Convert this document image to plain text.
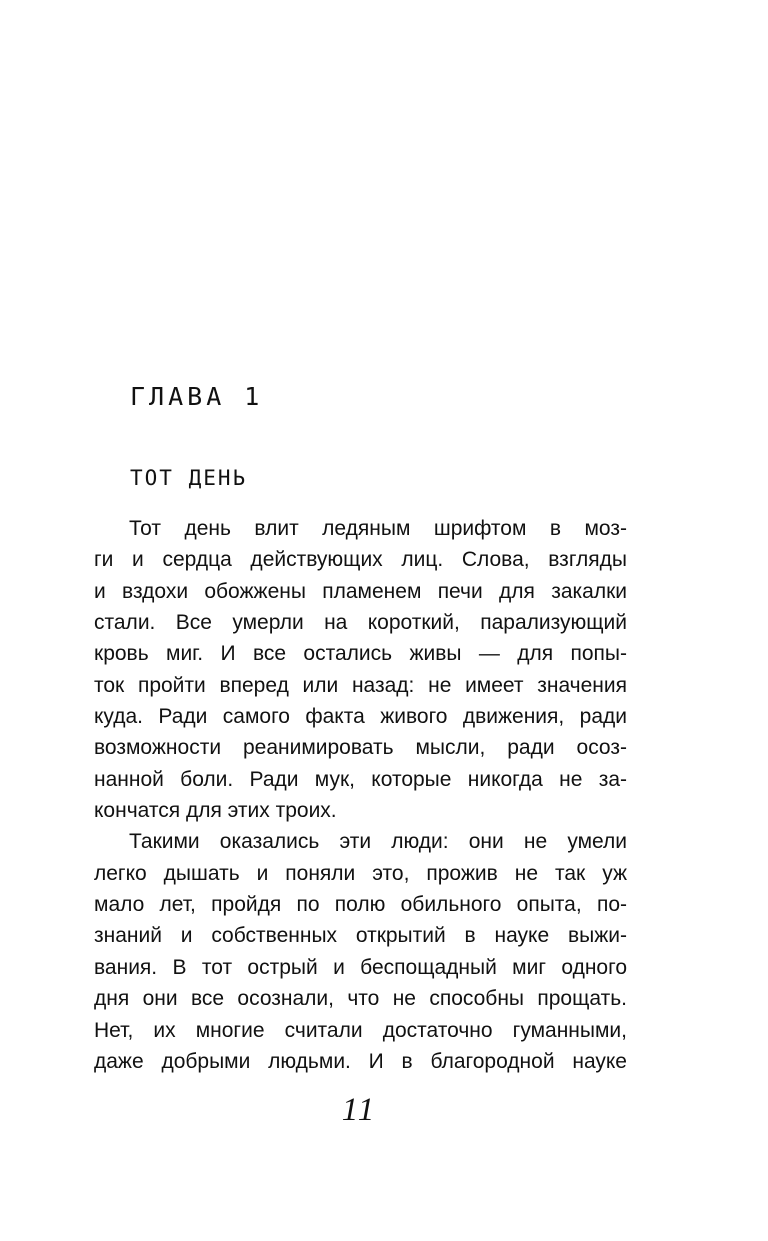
ГЛАВА 1
ТОТ ДЕНЬ
Тот день влит ледяным шрифтом в моз-
ги и сердца действующих лиц. Слова, взгляды
и вздохи обожжены пламенем печи для закалки
стали. Все умерли на короткий, парализующий
кровь миг. И все остались живы — для попы-
ток пройти вперед или назад: не имеет значения
куда. Ради самого факта живого движения, ради
возможности реанимировать мысли, ради осоз-
нанной боли. Ради мук, которые никогда не за-
кончатся для этих троих.
Такими оказались эти люди: они не умели
легко дышать и поняли это, прожив не так уж
мало лет, пройдя по полю обильного опыта, по-
знаний и собственных открытий в науке выжи-
вания. В тот острый и беспощадный миг одного
дня они все осознали, что не способны прощать.
Нет, их многие считали достаточно гуманными,
даже добрыми людьми. И в благородной науке
11
